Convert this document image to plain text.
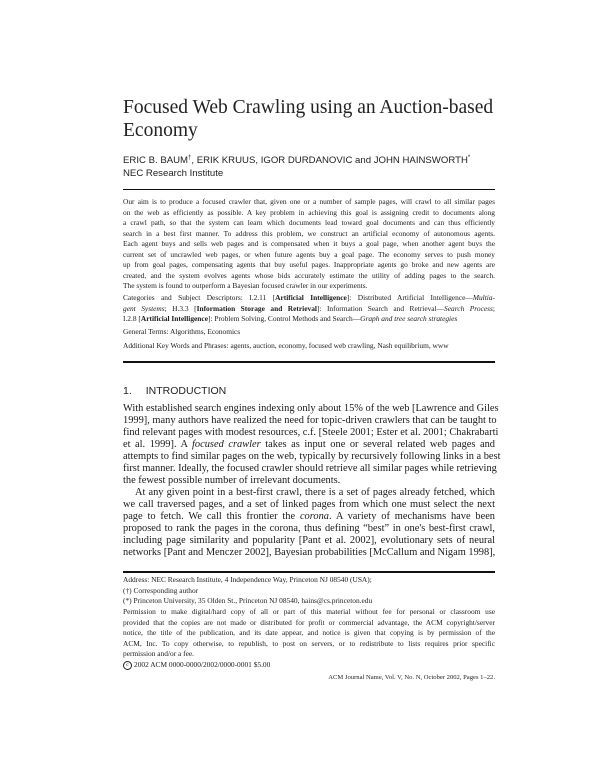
Focused Web Crawling using an Auction-based
Economy
ERIC B. BAUM†, ERIK KRUUS, IGOR DURDANOVIC and JOHN HAINSWORTH*
NEC Research Institute
Our aim is to produce a focused crawler that, given one or a number of sample pages, will crawl to all similar pages
on the web as efficiently as possible. A key problem in achieving this goal is assigning credit to documents along
a crawl path, so that the system can learn which documents lead toward goal documents and can thus efficiently
search in a best first manner. To address this problem, we construct an artificial economy of autonomous agents.
Each agent buys and sells web pages and is compensated when it buys a goal page, when another agent buys the
current set of uncrawled web pages, or when future agents buy a goal page. The economy serves to push money
up from goal pages, compensating agents that buy useful pages. Inappropriate agents go broke and new agents are
created, and the system evolves agents whose bids accurately estimate the utility of adding pages to the search.
The system is found to outperform a Bayesian focused crawler in our experiments.
Categories and Subject Descriptors: I.2.11 [Artificial Intelligence]: Distributed Artificial Intelligence—Multia-
gent Systems; H.3.3 [Information Storage and Retrieval]: Information Search and Retrieval—Search Process;
I.2.8 [Artificial Intelligence]: Problem Solving, Control Methods and Search—Graph and tree search strategies
General Terms: Algorithms, Economics
Additional Key Words and Phrases: agents, auction, economy, focused web crawling, Nash equilibrium, www
1. INTRODUCTION
With established search engines indexing only about 15% of the web [Lawrence and Giles
1999], many authors have realized the need for topic-driven crawlers that can be taught to
find relevant pages with modest resources, c.f. [Steele 2001; Ester et al. 2001; Chakrabarti
et al. 1999]. A focused crawler takes as input one or several related web pages and
attempts to find similar pages on the web, typically by recursively following links in a best
first manner. Ideally, the focused crawler should retrieve all similar pages while retrieving
the fewest possible number of irrelevant documents.
At any given point in a best-first crawl, there is a set of pages already fetched, which
we call traversed pages, and a set of linked pages from which one must select the next
page to fetch. We call this frontier the corona. A variety of mechanisms have been
proposed to rank the pages in the corona, thus defining “best” in one's best-first crawl,
including page similarity and popularity [Pant et al. 2002], evolutionary sets of neural
networks [Pant and Menczer 2002], Bayesian probabilities [McCallum and Nigam 1998],
Address: NEC Research Institute, 4 Independence Way, Princeton NJ 08540 (USA);
(†) Corresponding author
(*) Princeton University, 35 Olden St., Princeton NJ 08540, hains@cs.princeton.edu
Permission to make digital/hard copy of all or part of this material without fee for personal or classroom use
provided that the copies are not made or distributed for profit or commercial advantage, the ACM copyright/server
notice, the title of the publication, and its date appear, and notice is given that copying is by permission of the
ACM, Inc. To copy otherwise, to republish, to post on servers, or to redistribute to lists requires prior specific
permission and/or a fee.
c 2002 ACM 0000-0000/2002/0000-0001 $5.00
ACM Journal Name, Vol. V, No. N, October 2002, Pages 1–22.
